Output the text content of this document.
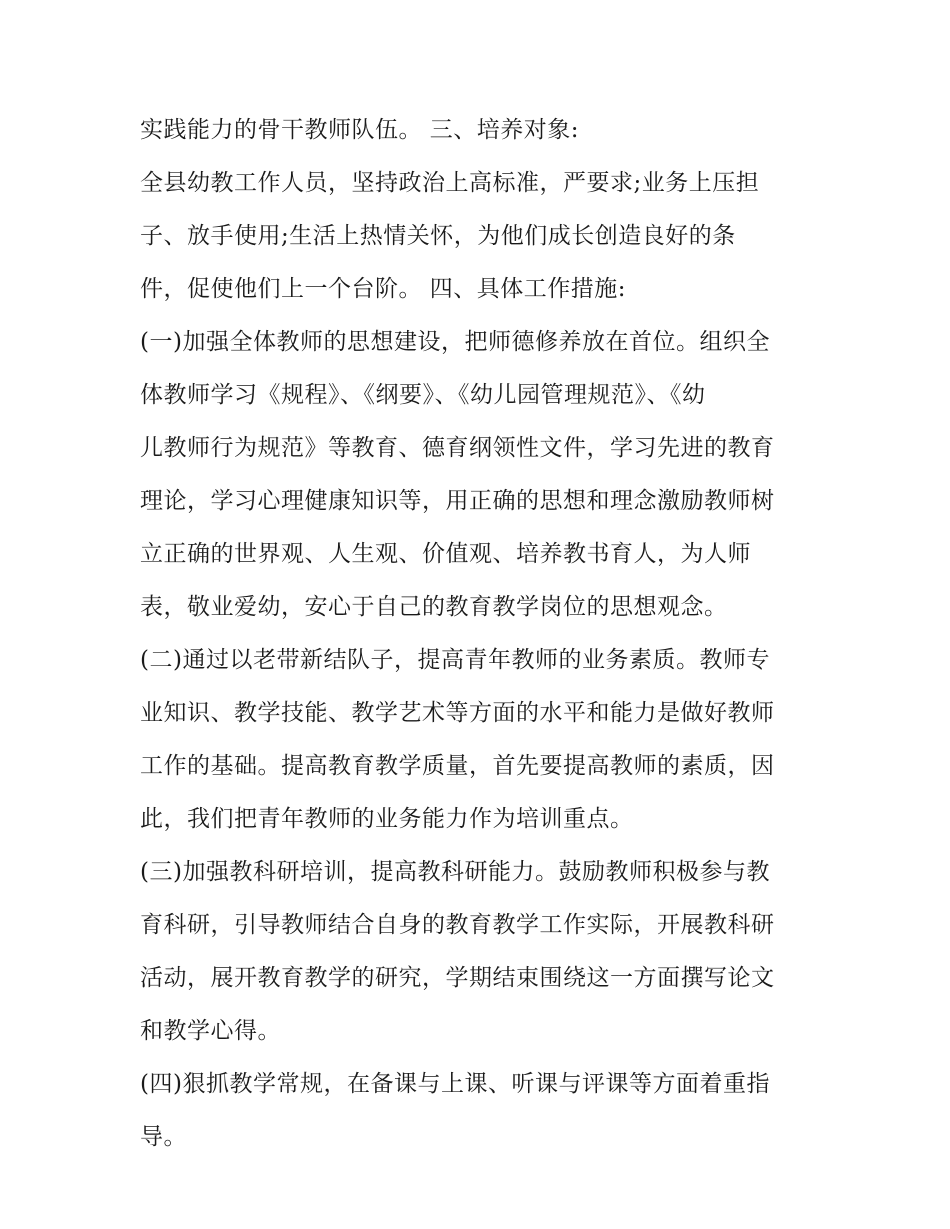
实践能力的骨干教师队伍。 三、培养对象:
全县幼教工作人员，坚持政治上高标准，严要求;业务上压担
子、放手使用;生活上热情关怀，为他们成长创造良好的条
件，促使他们上一个台阶。 四、具体工作措施:
(一)加强全体教师的思想建设，把师德修养放在首位。组织全
体教师学习《规程》、《纲要》、《幼儿园管理规范》、《幼
儿教师行为规范》等教育、德育纲领性文件，学习先进的教育
理论，学习心理健康知识等，用正确的思想和理念激励教师树
立正确的世界观、人生观、价值观、培养教书育人，为人师
表，敬业爱幼，安心于自己的教育教学岗位的思想观念。
(二)通过以老带新结队子，提高青年教师的业务素质。教师专
业知识、教学技能、教学艺术等方面的水平和能力是做好教师
工作的基础。提高教育教学质量，首先要提高教师的素质，因
此，我们把青年教师的业务能力作为培训重点。
(三)加强教科研培训，提高教科研能力。鼓励教师积极参与教
育科研，引导教师结合自身的教育教学工作实际，开展教科研
活动，展开教育教学的研究，学期结束围绕这一方面撰写论文
和教学心得。
(四)狠抓教学常规，在备课与上课、听课与评课等方面着重指
导。
